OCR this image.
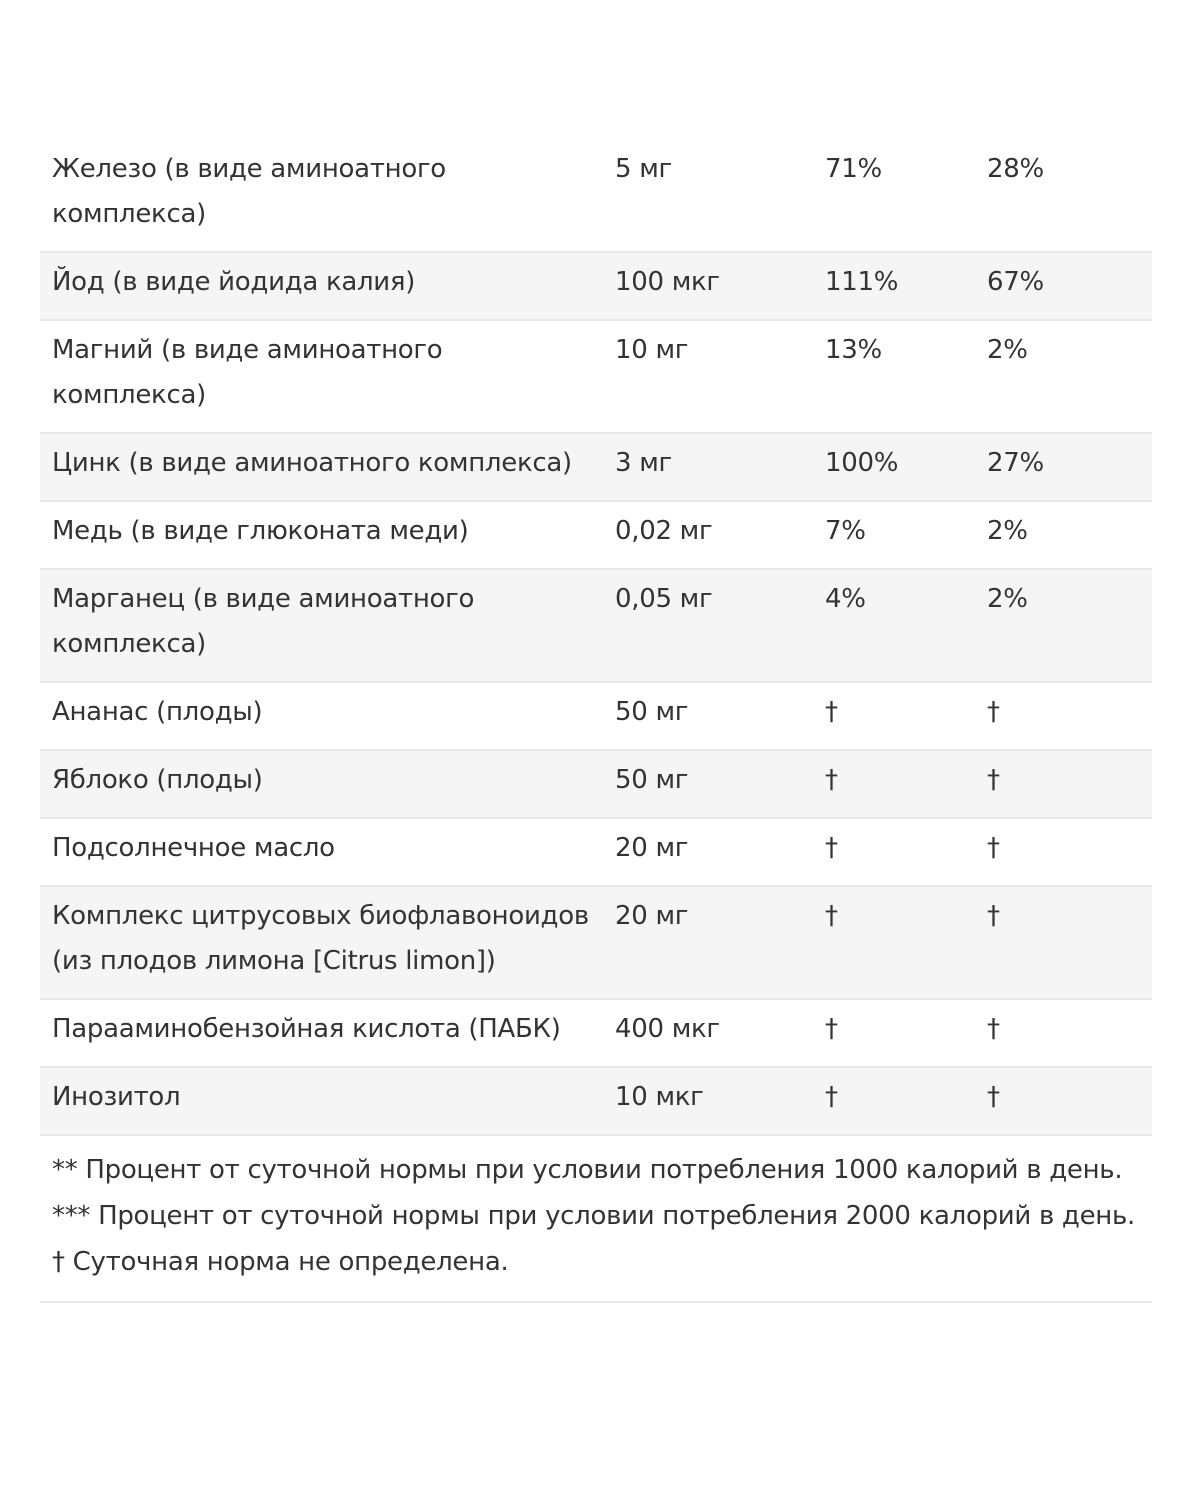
Железо (в виде аминоатного комплекса)	5 мг	71%	28%
Йод (в виде йодида калия)	100 мкг	111%	67%
Магний (в виде аминоатного комплекса)	10 мг	13%	2%
Цинк (в виде аминоатного комплекса)	3 мг	100%	27%
Медь (в виде глюконата меди)	0,02 мг	7%	2%
Марганец (в виде аминоатного комплекса)	0,05 мг	4%	2%
Ананас (плоды)	50 мг	†	†
Яблоко (плоды)	50 мг	†	†
Подсолнечное масло	20 мг	†	†
Комплекс цитрусовых биофлавоноидов (из плодов лимона [Citrus limon])	20 мг	†	†
Парааминобензойная кислота (ПАБК)	400 мкг	†	†
Инозитол	10 мкг	†	†
** Процент от суточной нормы при условии потребления 1000 калорий в день.
*** Процент от суточной нормы при условии потребления 2000 калорий в день.
† Суточная норма не определена.
